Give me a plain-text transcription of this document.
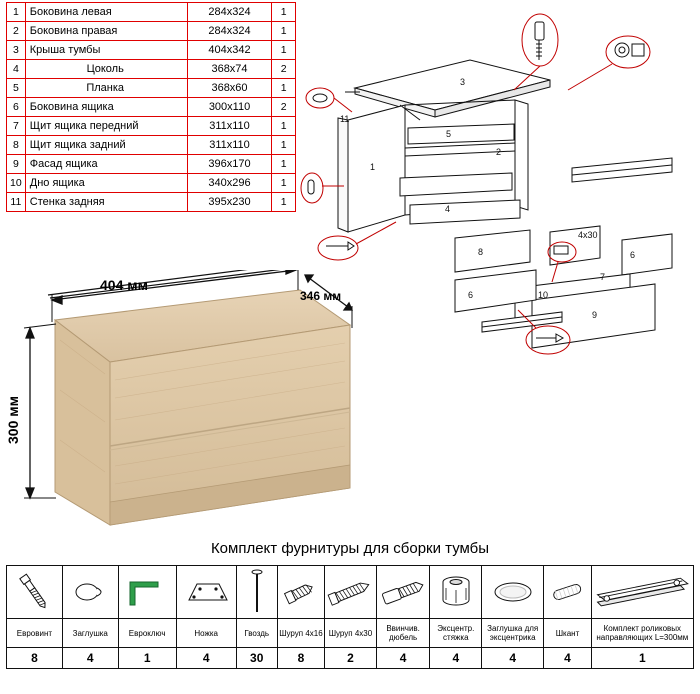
1	Боковина левая	284х324	1
2	Боковина правая	284х324	1
3	Крыша тумбы	404х342	1
4	Цоколь	368х74	2
5	Планка	368х60	1
6	Боковина ящика	300х110	2
7	Щит ящика передний	311х110	1
8	Щит ящика задний	311х110	1
9	Фасад ящика	396х170	1
10	Дно ящика	340х296	1
11	Стенка задняя	395х230	1
3
1
2
4
5
11
8	6
7
6	10
9
4х30
404 мм
346 мм
300 мм
Комплект фурнитуры для сборки тумбы

Евровинт	Заглушка	Евроключ	Ножка	Гвоздь	Шуруп 4х16	Шуруп 4х30	Ввинчив. дюбель	Эксцентр. стяжка	Заглушка для эксцентрика	Шкант	Комплект роликовых направляющих L=300мм
8	4	1	4	30	8	2	4	4	4	4	1
